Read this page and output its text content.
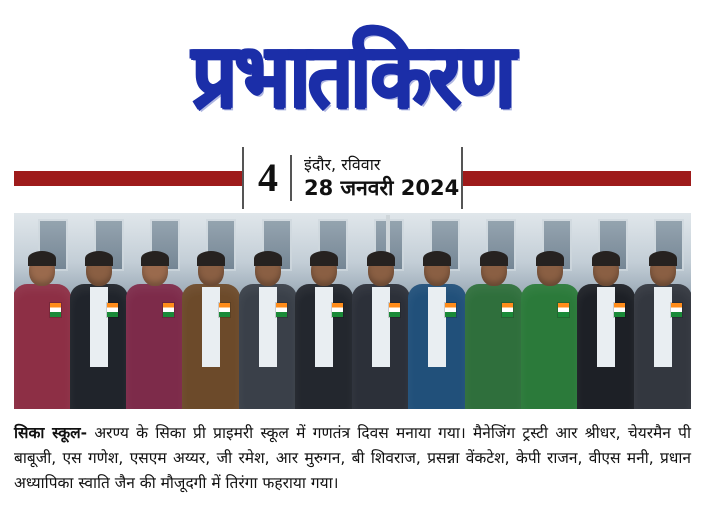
प्रभातकिरण
4	इंदौर, रविवार
28 जनवरी 2024
सिका स्कूल- अरण्य के सिका प्री प्राइमरी स्कूल में गणतंत्र दिवस मनाया गया। मैनेजिंग ट्रस्टी आर श्रीधर, चेयरमैन पी बाबूजी, एस गणेश, एसएम अय्यर, जी रमेश, आर मुरुगन, बी शिवराज, प्रसन्ना वेंकटेश, केपी राजन, वीएस मनी, प्रधान अध्यापिका स्वाति जैन की मौजूदगी में तिरंगा फहराया गया।
